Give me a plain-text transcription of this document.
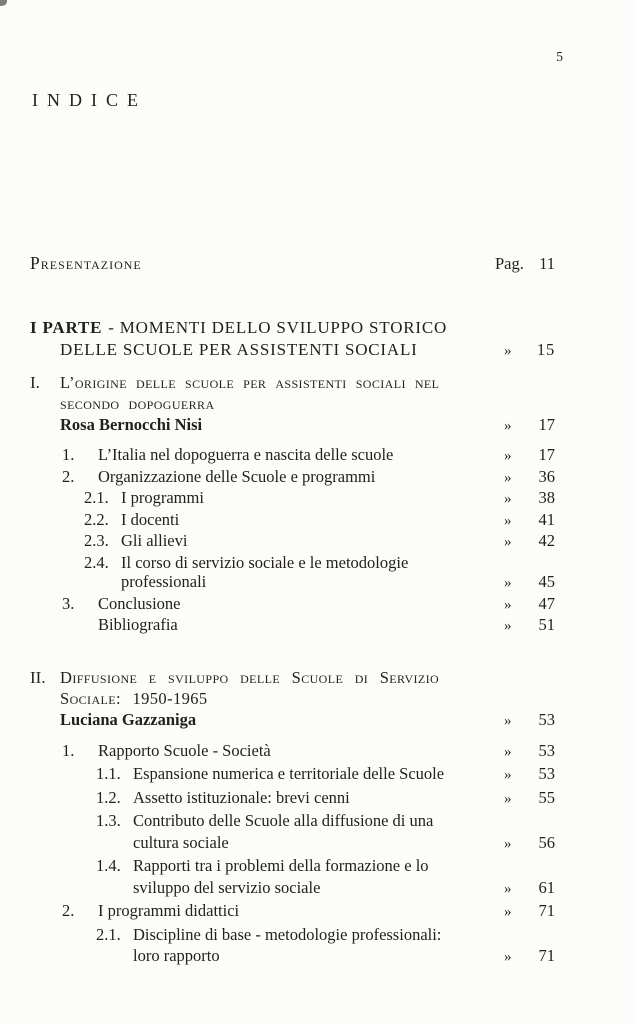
5
INDICE
Presentazione	Pag. 11
I PARTE - MOMENTI DELLO SVILUPPO STORICO
DELLE SCUOLE PER ASSISTENTI SOCIALI	» 15
I.	L’origine delle scuole per assistenti sociali nel
secondo dopoguerra
Rosa Bernocchi Nisi	» 17
1.	L’Italia nel dopoguerra e nascita delle scuole	» 17
2.	Organizzazione delle Scuole e programmi	» 36
2.1. I programmi	» 38
2.2. I docenti	» 41
2.3. Gli allievi	» 42
2.4. Il corso di servizio sociale e le metodologie
professionali	» 45
3.	Conclusione	» 47
Bibliografia	» 51
II. Diffusione e sviluppo delle Scuole di Servizio
Sociale: 1950-1965
Luciana Gazzaniga	» 53
1.	Rapporto Scuole - Società	» 53
1.1. Espansione numerica e territoriale delle Scuole	» 53
1.2. Assetto istituzionale: brevi cenni	» 55
1.3. Contributo delle Scuole alla diffusione di una
cultura sociale	» 56
1.4. Rapporti tra i problemi della formazione e lo
sviluppo del servizio sociale	» 61
2.	I programmi didattici	» 71
2.1. Discipline di base - metodologie professionali:
loro rapporto	» 71
